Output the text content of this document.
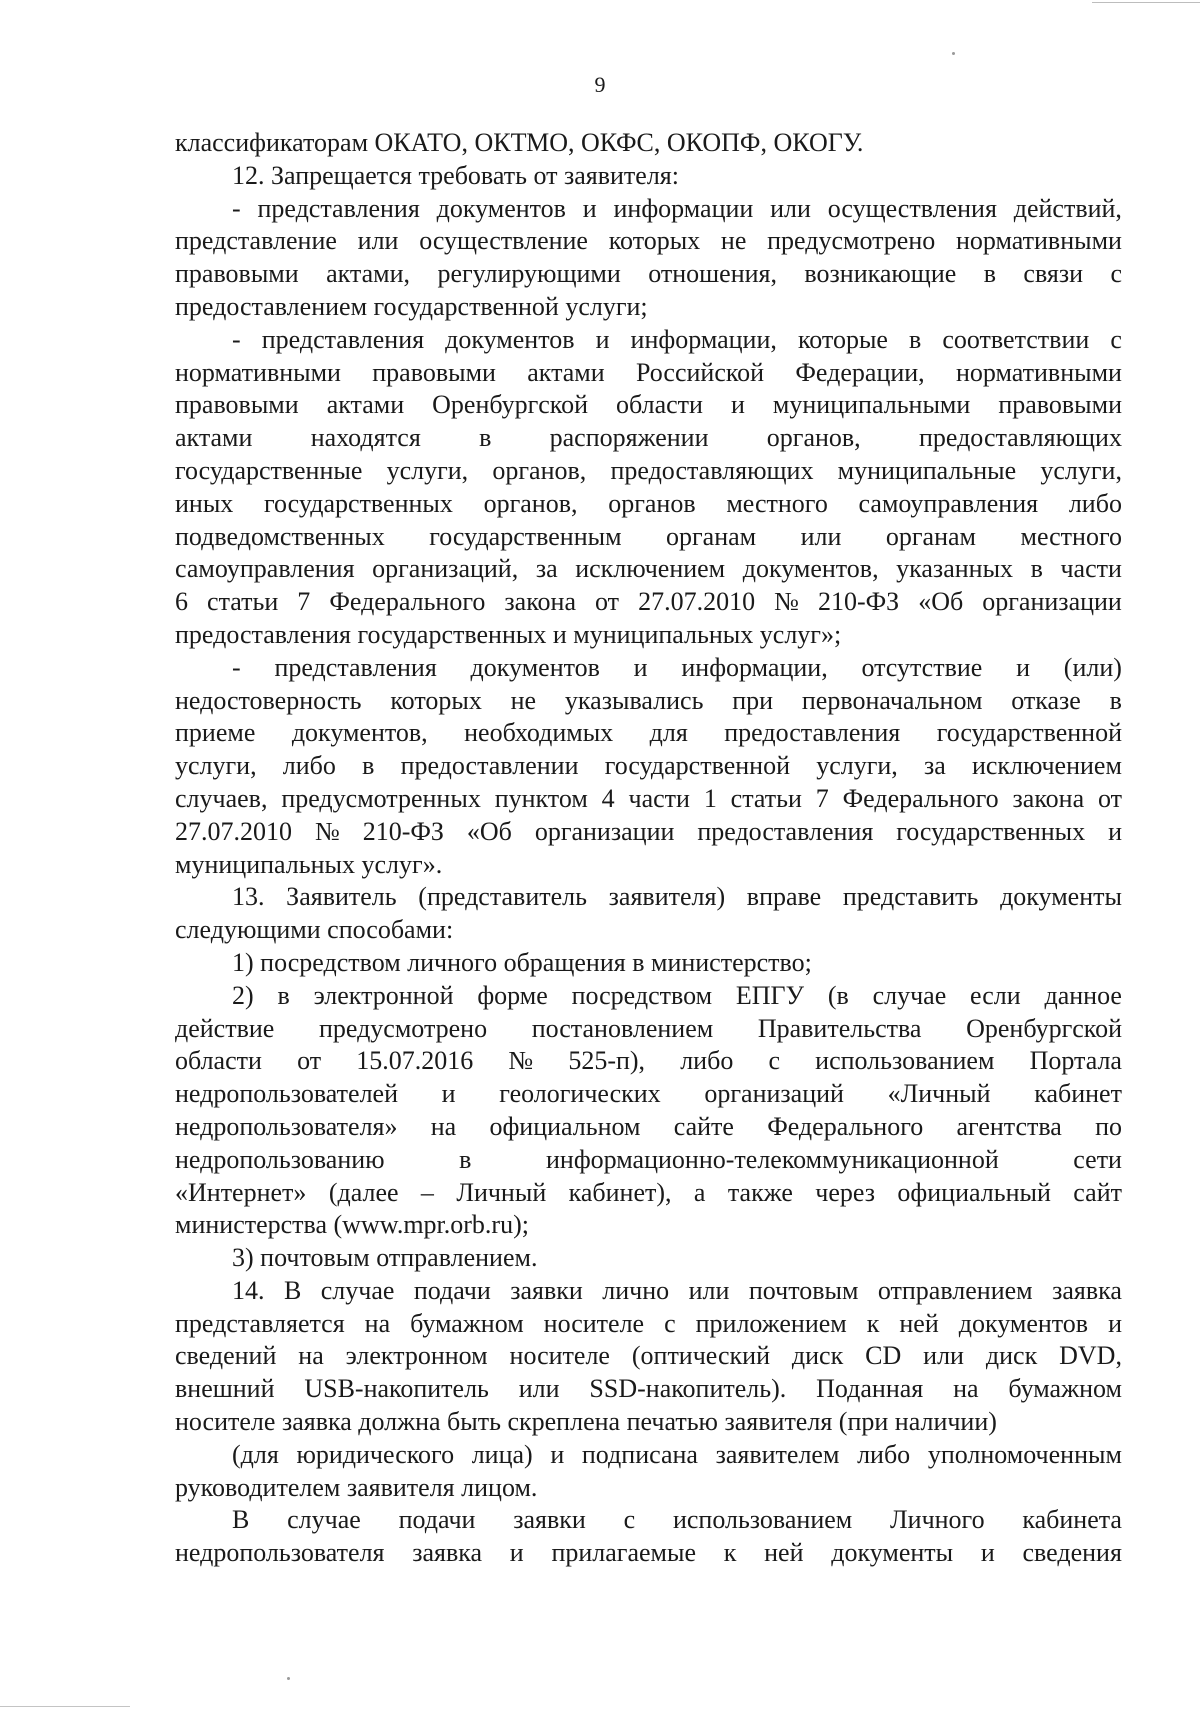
9
классификаторам ОКАТО, ОКТМО, ОКФС, ОКОПФ, ОКОГУ.
12. Запрещается требовать от заявителя:
- представления документов и информации или осуществления действий,
представление или осуществление которых не предусмотрено нормативными
правовыми актами, регулирующими отношения, возникающие в связи с
предоставлением государственной услуги;
- представления документов и информации, которые в соответствии с
нормативными правовыми актами Российской Федерации, нормативными
правовыми актами Оренбургской области и муниципальными правовыми
актами находятся в распоряжении органов, предоставляющих
государственные услуги, органов, предоставляющих муниципальные услуги,
иных государственных органов, органов местного самоуправления либо
подведомственных государственным органам или органам местного
самоуправления организаций, за исключением документов, указанных в части
6 статьи 7 Федерального закона от 27.07.2010 № 210-ФЗ «Об организации
предоставления государственных и муниципальных услуг»;
- представления документов и информации, отсутствие и (или)
недостоверность которых не указывались при первоначальном отказе в
приеме документов, необходимых для предоставления государственной
услуги, либо в предоставлении государственной услуги, за исключением
случаев, предусмотренных пунктом 4 части 1 статьи 7 Федерального закона от
27.07.2010 № 210-ФЗ «Об организации предоставления государственных и
муниципальных услуг».
13. Заявитель (представитель заявителя) вправе представить документы
следующими способами:
1) посредством личного обращения в министерство;
2) в электронной форме посредством ЕПГУ (в случае если данное
действие предусмотрено постановлением Правительства Оренбургской
области от 15.07.2016 № 525-п), либо с использованием Портала
недропользователей и геологических организаций «Личный кабинет
недропользователя» на официальном сайте Федерального агентства по
недропользованию	в	информационно-телекоммуникационной	сети
«Интернет» (далее – Личный кабинет), а также через официальный сайт
министерства (www.mpr.orb.ru);
3) почтовым отправлением.
14. В случае подачи заявки лично или почтовым отправлением заявка
представляется на бумажном носителе с приложением к ней документов и
сведений на электронном носителе (оптический диск CD или диск DVD,
внешний USB-накопитель или SSD-накопитель). Поданная на бумажном
носителе заявка должна быть скреплена печатью заявителя (при наличии)
(для юридического лица) и подписана заявителем либо уполномоченным
руководителем заявителя лицом.
В случае подачи заявки с использованием Личного кабинета
недропользователя заявка и прилагаемые к ней документы и сведения
